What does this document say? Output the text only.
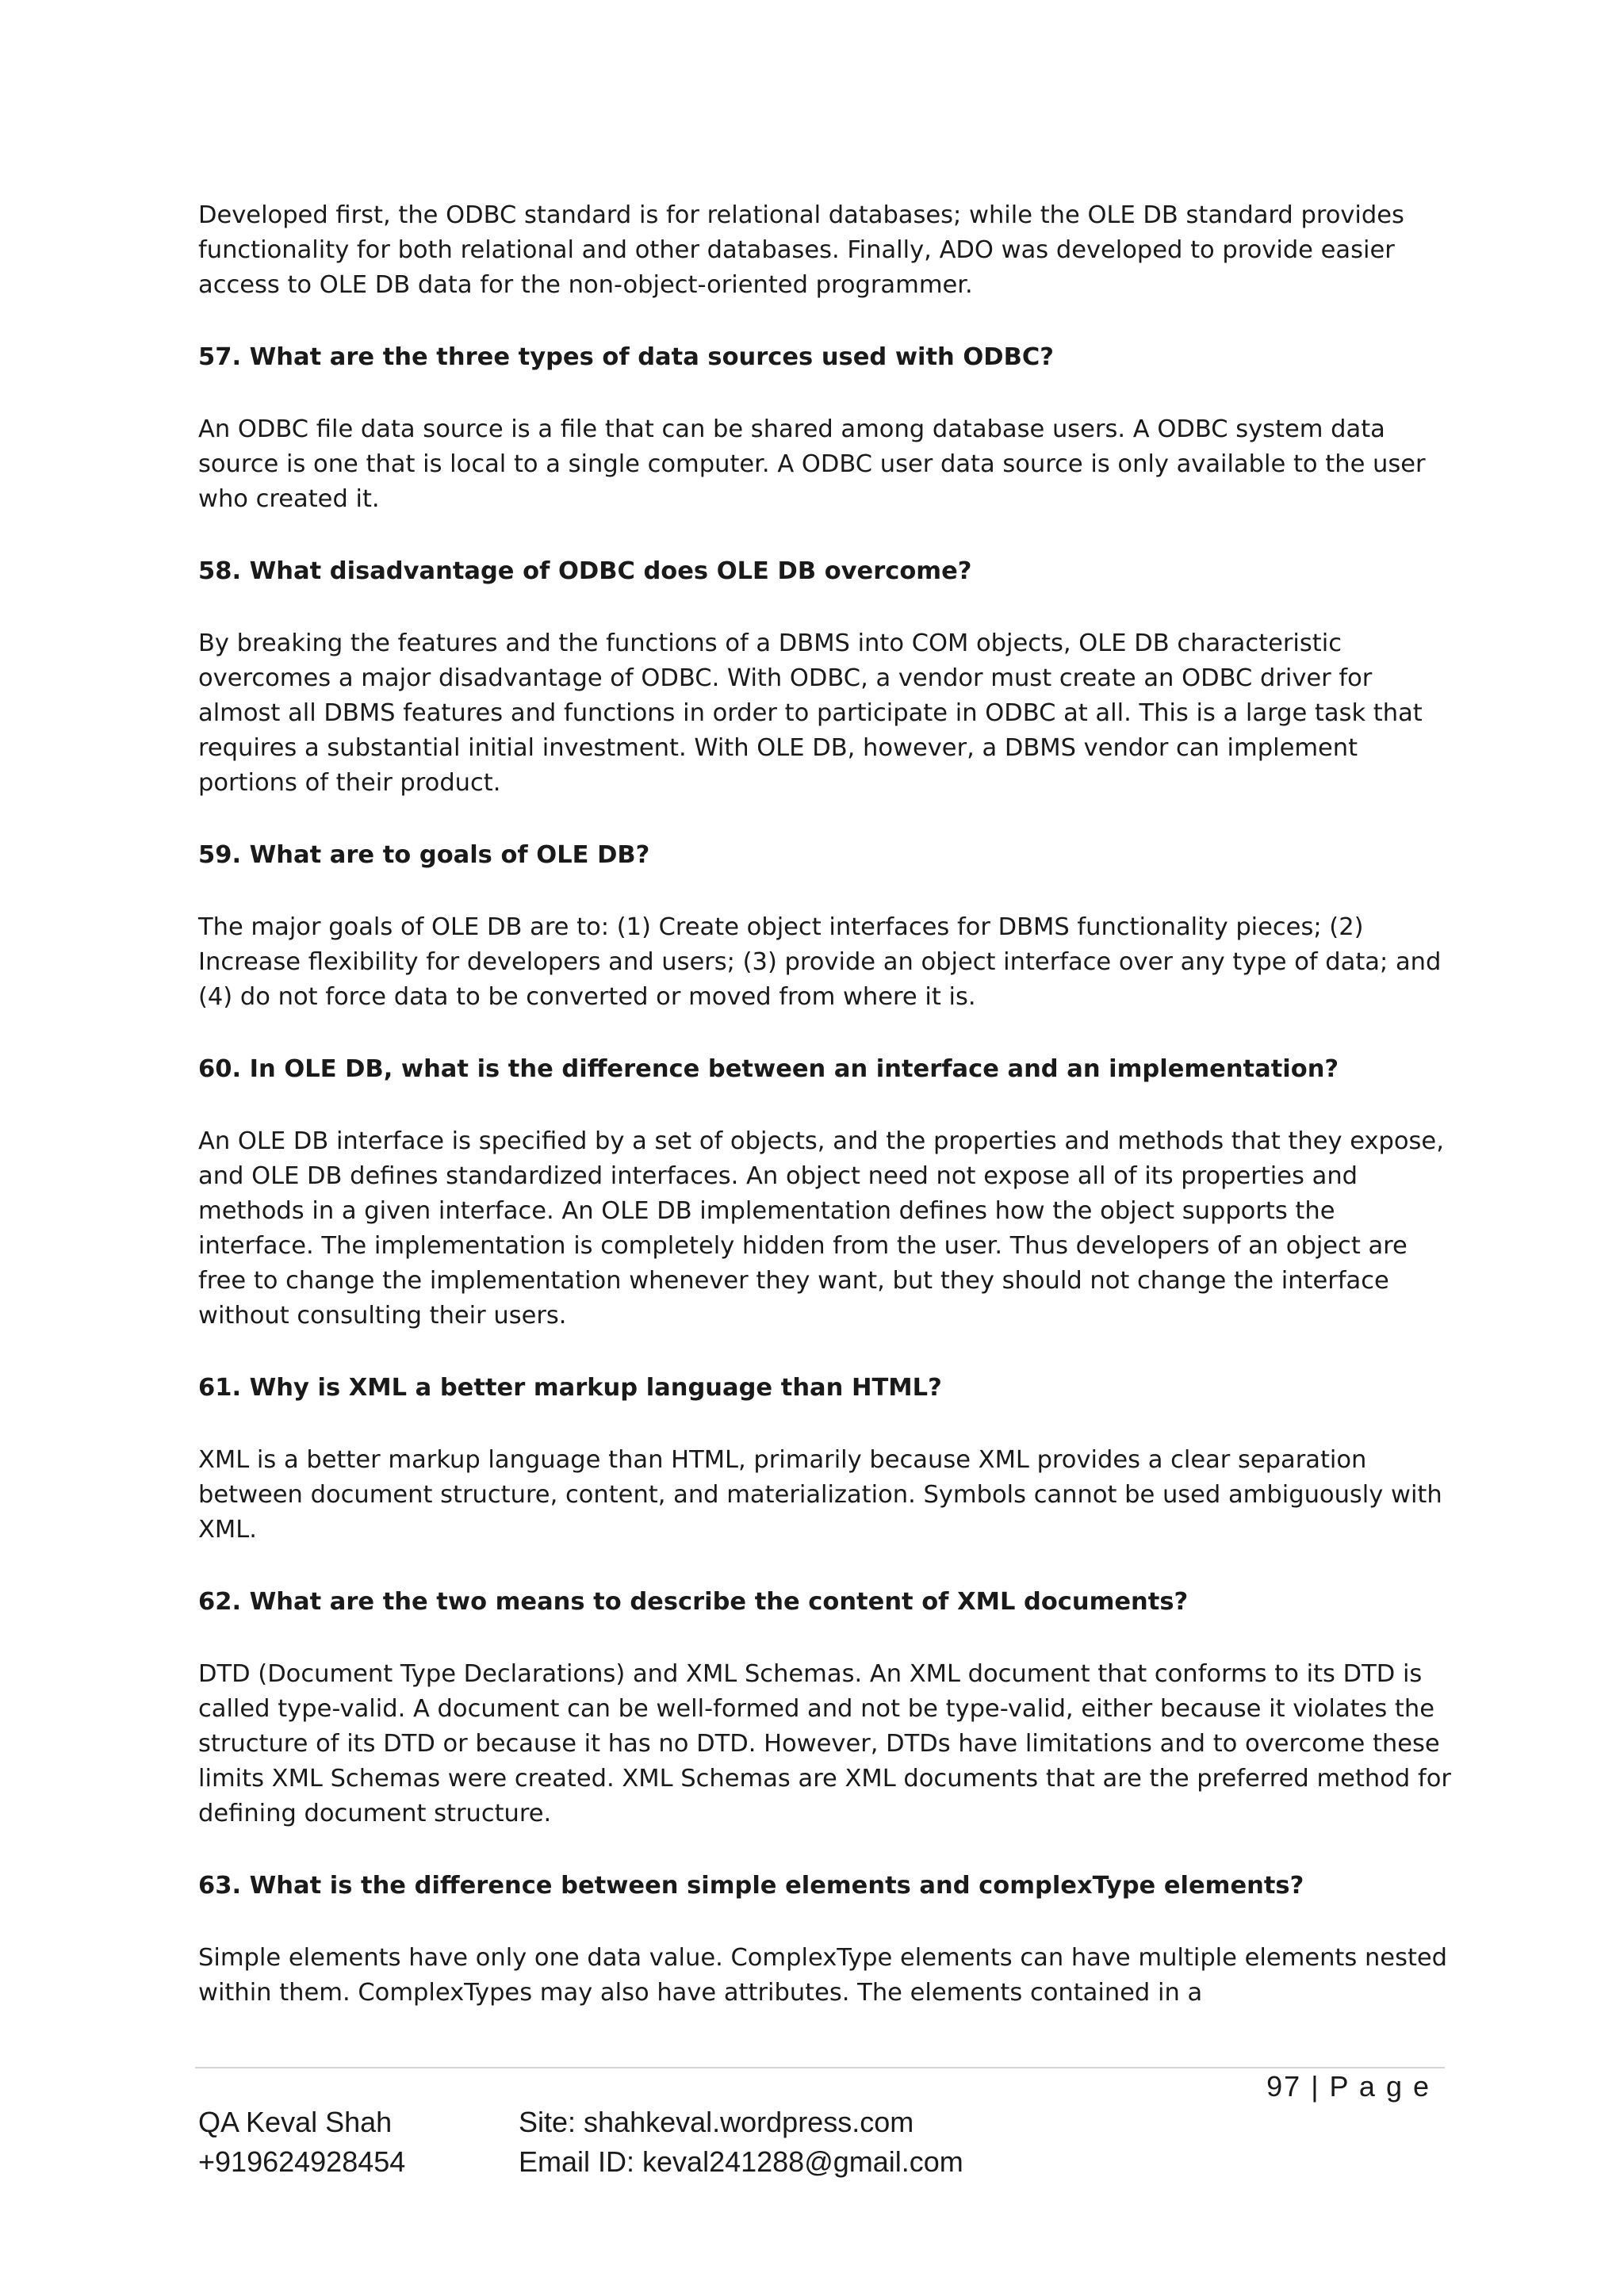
Developed first, the ODBC standard is for relational databases; while the OLE DB standard provides functionality for both relational and other databases. Finally, ADO was developed to provide easier access to OLE DB data for the non-object-oriented programmer.

57. What are the three types of data sources used with ODBC?

An ODBC file data source is a file that can be shared among database users. A ODBC system data source is one that is local to a single computer. A ODBC user data source is only available to the user who created it.

58. What disadvantage of ODBC does OLE DB overcome?

By breaking the features and the functions of a DBMS into COM objects, OLE DB characteristic overcomes a major disadvantage of ODBC. With ODBC, a vendor must create an ODBC driver for almost all DBMS features and functions in order to participate in ODBC at all. This is a large task that requires a substantial initial investment. With OLE DB, however, a DBMS vendor can implement portions of their product.

59. What are to goals of OLE DB?

The major goals of OLE DB are to: (1) Create object interfaces for DBMS functionality pieces; (2) Increase flexibility for developers and users; (3) provide an object interface over any type of data; and (4) do not force data to be converted or moved from where it is.

60. In OLE DB, what is the difference between an interface and an implementation?

An OLE DB interface is specified by a set of objects, and the properties and methods that they expose, and OLE DB defines standardized interfaces. An object need not expose all of its properties and methods in a given interface. An OLE DB implementation defines how the object supports the interface. The implementation is completely hidden from the user. Thus developers of an object are free to change the implementation whenever they want, but they should not change the interface without consulting their users.

61. Why is XML a better markup language than HTML?

XML is a better markup language than HTML, primarily because XML provides a clear separation between document structure, content, and materialization. Symbols cannot be used ambiguously with XML.

62. What are the two means to describe the content of XML documents?

DTD (Document Type Declarations) and XML Schemas. An XML document that conforms to its DTD is called type-valid. A document can be well-formed and not be type-valid, either because it violates the structure of its DTD or because it has no DTD. However, DTDs have limitations and to overcome these limits XML Schemas were created. XML Schemas are XML documents that are the preferred method for defining document structure.

63. What is the difference between simple elements and complexType elements?

Simple elements have only one data value. ComplexType elements can have multiple elements nested within them. ComplexTypes may also have attributes. The elements contained in a

97 | P a g e
QA Keval Shah	Site: shahkeval.wordpress.com
+919624928454	Email ID: keval241288@gmail.com
